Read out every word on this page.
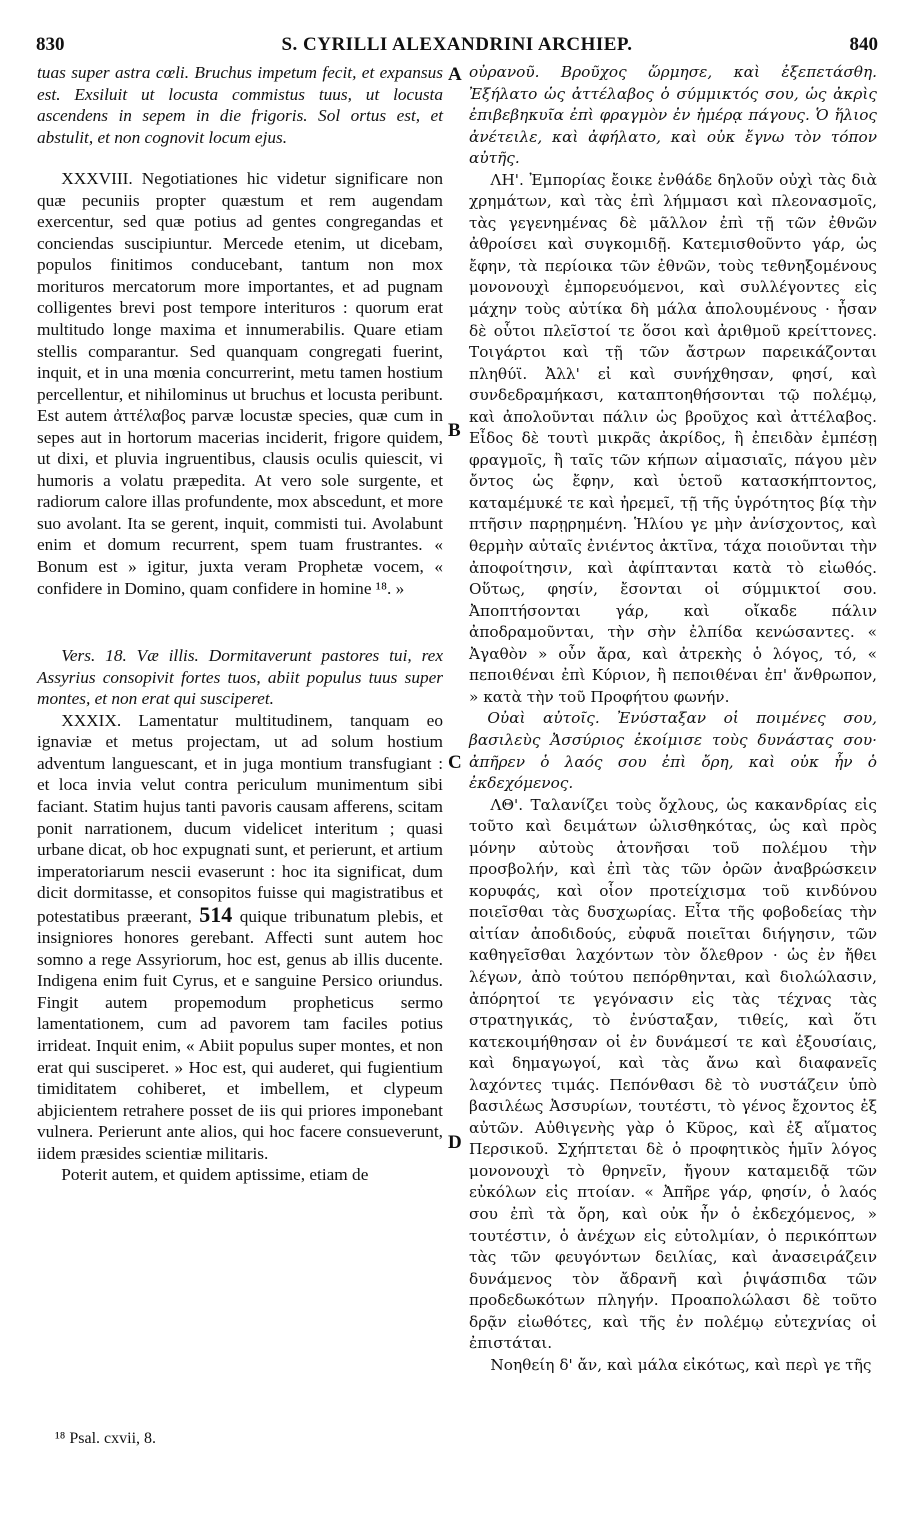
830	S. CYRILLI ALEXANDRINI ARCHIEP.	840

tuas super astra cœli. Bruchus impetum fecit, et expansus est. Exsiluit ut locusta commistus tuus, ut locusta ascendens in sepem in die frigoris. Sol ortus est, et abstulit, et non cognovit locum ejus.

XXXVIII. Negotiationes hic videtur significare non quæ pecuniis propter quæstum et rem augendam exercentur, sed quæ potius ad gentes congregandas et conciendas suscipiuntur. Mercede etenim, ut dicebam, populos finitimos conducebant, tantum non mox morituros mercatorum more importantes, et ad pugnam colligentes brevi post tempore interituros : quorum erat multitudo longe maxima et innumerabilis. Quare etiam stellis comparantur. Sed quanquam congregati fuerint, inquit, et in una mœnia concurrerint, metu tamen hostium percellentur, et nihilominus ut bruchus et locusta peribunt. Est autem ἀττέλαβος parvæ locustæ species, quæ cum in sepes aut in hortorum macerias inciderit, frigore quidem, ut dixi, et pluvia ingruentibus, clausis oculis quiescit, vi humoris a volatu præpedita. At vero sole surgente, et radiorum calore illas profundente, mox abscedunt, et more suo avolant. Ita se gerent, inquit, commisti tui. Avolabunt enim et domum recurrent, spem tuam frustrantes. « Bonum est » igitur, juxta veram Prophetæ vocem, « confidere in Domino, quam confidere in homine ¹⁸. »

Vers. 18. Væ illis. Dormitaverunt pastores tui, rex Assyrius consopivit fortes tuos, abiit populus tuus super montes, et non erat qui susciperet.

XXXIX. Lamentatur multitudinem, tanquam eo ignaviæ et metus projectam, ut ad solum hostium adventum languescant, et in juga montium transfugiant : et loca invia velut contra periculum munimentum sibi faciant. Statim hujus tanti pavoris causam afferens, scitam ponit narrationem, ducum videlicet interitum ; quasi urbane dicat, ob hoc expugnati sunt, et perierunt, et artium imperatoriarum nescii evaserunt : hoc ita significat, dum dicit dormitasse, et consopitos fuisse qui magistratibus et potestatibus præerant, 514 quique tribunatum plebis, et insigniores honores gerebant. Affecti sunt autem hoc somno a rege Assyriorum, hoc est, genus ab illis ducente. Indigena enim fuit Cyrus, et e sanguine Persico oriundus. Fingit autem propemodum propheticus sermo lamentationem, cum ad pavorem tam faciles potius irrideat. Inquit enim, « Abiit populus super montes, et non erat qui susciperet. » Hoc est, qui auderet, qui fugientium timiditatem cohiberet, et imbellem, et clypeum abjicientem retrahere posset de iis qui priores imponebant vulnera. Perierunt ante alios, qui hoc facere consueverunt, iidem præsides scientiæ militaris.

Poterit autem, et quidem aptissime, etiam de

οὐρανοῦ. Βροῦχος ὥρμησε, καὶ ἐξεπετάσθη. Ἐξήλατο ὡς ἀττέλαβος ὁ σύμμικτός σου, ὡς ἀκρὶς ἐπιβεβηκυῖα ἐπὶ φραγμὸν ἐν ἡμέρᾳ πάγους. Ὁ ἥλιος ἀνέτειλε, καὶ ἀφήλατο, καὶ οὐκ ἔγνω τὸν τόπον αὐτῆς.

ΛΗ'. Ἐμπορίας ἔοικε ἐνθάδε δηλοῦν οὐχὶ τὰς διὰ χρημάτων, καὶ τὰς ἐπὶ λήμμασι καὶ πλεονασμοῖς, τὰς γεγενημένας δὲ μᾶλλον ἐπὶ τῇ τῶν ἐθνῶν ἀθροίσει καὶ συγκομιδῇ. Κατεμισθοῦντο γάρ, ὡς ἔφην, τὰ περίοικα τῶν ἐθνῶν, τοὺς τεθνηξομένους μονονουχὶ ἐμπορευόμενοι, καὶ συλλέγοντες εἰς μάχην τοὺς αὐτίκα δὴ μάλα ἀπολουμένους · ἦσαν δὲ οὗτοι πλεῖστοί τε ὅσοι καὶ ἀριθμοῦ κρείττονες. Τοιγάρτοι καὶ τῇ τῶν ἄστρων παρεικάζονται πληθύϊ. Ἀλλ' εἰ καὶ συνήχθησαν, φησί, καὶ συνδεδραμήκασι, καταπτοηθήσονται τῷ πολέμῳ, καὶ ἀπολοῦνται πάλιν ὡς βροῦχος καὶ ἀττέλαβος. Εἶδος δὲ τουτὶ μικρᾶς ἀκρίδος, ἣ ἐπειδὰν ἐμπέσῃ φραγμοῖς, ἢ ταῖς τῶν κήπων αἱμασιαῖς, πάγου μὲν ὄντος ὡς ἔφην, καὶ ὑετοῦ κατασκήπτοντος, καταμέμυκέ τε καὶ ἠρεμεῖ, τῇ τῆς ὑγρότητος βίᾳ τὴν πτῆσιν παρῃρημένη. Ἡλίου γε μὴν ἀνίσχοντος, καὶ θερμὴν αὐταῖς ἐνιέντος ἀκτῖνα, τάχα ποιοῦνται τὴν ἀποφοίτησιν, καὶ ἀφίπτανται κατὰ τὸ εἰωθός. Οὕτως, φησίν, ἔσονται οἱ σύμμικτοί σου. Ἀποπτήσονται γάρ, καὶ οἴκαδε πάλιν ἀποδραμοῦνται, τὴν σὴν ἐλπίδα κενώσαντες. « Ἀγαθὸν » οὖν ἄρα, καὶ ἀτρεκὴς ὁ λόγος, τό, « πεποιθέναι ἐπὶ Κύριον, ἢ πεποιθέναι ἐπ' ἄνθρωπον, » κατὰ τὴν τοῦ Προφήτου φωνήν.

Οὐαὶ αὐτοῖς. Ἐνύσταξαν οἱ ποιμένες σου, βασιλεὺς Ἀσσύριος ἐκοίμισε τοὺς δυνάστας σου· ἀπῆρεν ὁ λαός σου ἐπὶ ὄρη, καὶ οὐκ ἦν ὁ ἐκδεχόμενος.

ΛΘ'. Ταλανίζει τοὺς ὄχλους, ὡς κακανδρίας εἰς τοῦτο καὶ δειμάτων ὠλισθηκότας, ὡς καὶ πρὸς μόνην αὐτοὺς ἀτονῆσαι τοῦ πολέμου τὴν προσβολήν, καὶ ἐπὶ τὰς τῶν ὀρῶν ἀναβρώσκειν κορυφάς, καὶ οἷον προτείχισμα τοῦ κινδύνου ποιεῖσθαι τὰς δυσχωρίας. Εἶτα τῆς φοβοδείας τὴν αἰτίαν ἀποδιδούς, εὐφυᾶ ποιεῖται διήγησιν, τῶν καθηγεῖσθαι λαχόντων τὸν ὄλεθρον · ὡς ἐν ἤθει λέγων, ἀπὸ τούτου πεπόρθηνται, καὶ διολώλασιν, ἀπόρητοί τε γεγόνασιν εἰς τὰς τέχνας τὰς στρατηγικάς, τὸ ἐνύσταξαν, τιθείς, καὶ ὅτι κατεκοιμήθησαν οἱ ἐν δυνάμεσί τε καὶ ἐξουσίαις, καὶ δημαγωγοί, καὶ τὰς ἄνω καὶ διαφανεῖς λαχόντες τιμάς. Πεπόνθασι δὲ τὸ νυστάζειν ὑπὸ βασιλέως Ἀσσυρίων, τουτέστι, τὸ γένος ἔχοντος ἐξ αὐτῶν. Αὐθιγενὴς γὰρ ὁ Κῦρος, καὶ ἐξ αἵματος Περσικοῦ. Σχήπτεται δὲ ὁ προφητικὸς ἡμῖν λόγος μονονουχὶ τὸ θρηνεῖν, ἤγουν καταμειδᾷ τῶν εὐκόλων εἰς πτοίαν. « Ἀπῆρε γάρ, φησίν, ὁ λαός σου ἐπὶ τὰ ὄρη, καὶ οὐκ ἦν ὁ ἐκδεχόμενος, » τουτέστιν, ὁ ἀνέχων εἰς εὐτολμίαν, ὁ περικόπτων τὰς τῶν φευγόντων δειλίας, καὶ ἀνασειράζειν δυνάμενος τὸν ἄδρανῆ καὶ ῥιψάσπιδα τῶν προδεδωκότων πληγήν. Προαπολώλασι δὲ τοῦτο δρᾷν εἰωθότες, καὶ τῆς ἐν πολέμῳ εὐτεχνίας οἱ ἐπιστάται.

Νοηθείη δ' ἄν, καὶ μάλα εἰκότως, καὶ περὶ γε τῆς

A
B
C
D
¹⁸ Psal. cxvii, 8.
